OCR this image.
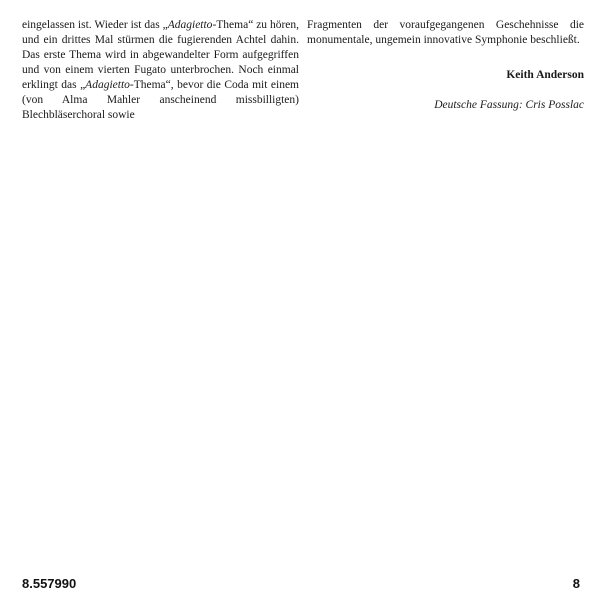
eingelassen ist. Wieder ist das „Adagietto-Thema“ zu hören, und ein drittes Mal stürmen die fugierenden Achtel dahin. Das erste Thema wird in abgewandelter Form aufgegriffen und von einem vierten Fugato unterbrochen. Noch einmal erklingt das „Adagietto-Thema“, bevor die Coda mit einem (von Alma Mahler anscheinend missbilligten) Blechbläserchoral sowie

Fragmenten der voraufgegangenen Geschehnisse die monumentale, ungemein innovative Symphonie beschließt.

Keith Anderson
Deutsche Fassung: Cris Posslac
8.557990	8
